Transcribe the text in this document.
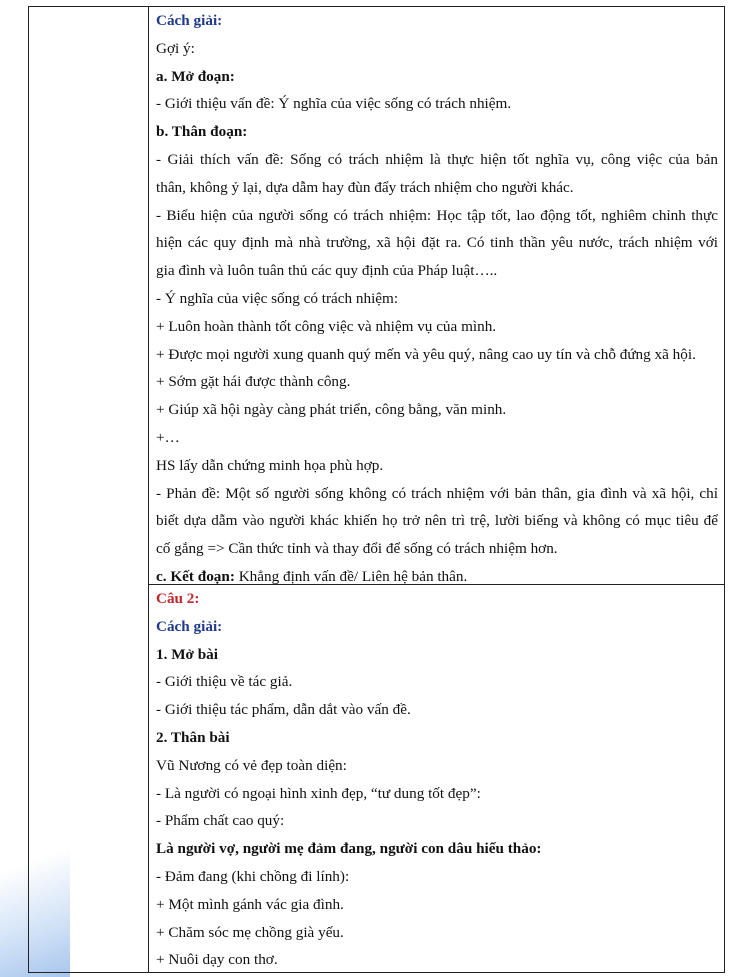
Cách giải:
Gợi ý:
a. Mở đoạn:
- Giới thiệu vấn đề: Ý nghĩa của việc sống có trách nhiệm.
b. Thân đoạn:
- Giải thích vấn đề: Sống có trách nhiệm là thực hiện tốt nghĩa vụ, công việc của bản
thân, không ỷ lại, dựa dẫm hay đùn đẩy trách nhiệm cho người khác.
- Biểu hiện của người sống có trách nhiệm: Học tập tốt, lao động tốt, nghiêm chỉnh thực
hiện các quy định mà nhà trường, xã hội đặt ra. Có tinh thần yêu nước, trách nhiệm với
gia đình và luôn tuân thủ các quy định của Pháp luật…..
- Ý nghĩa của việc sống có trách nhiệm:
+ Luôn hoàn thành tốt công việc và nhiệm vụ của mình.
+ Được mọi người xung quanh quý mến và yêu quý, nâng cao uy tín và chỗ đứng xã hội.
+ Sớm gặt hái được thành công.
+ Giúp xã hội ngày càng phát triển, công bằng, văn minh.
+…
HS lấy dẫn chứng minh họa phù hợp.
- Phản đề: Một số người sống không có trách nhiệm với bản thân, gia đình và xã hội, chỉ
biết dựa dẫm vào người khác khiến họ trở nên trì trệ, lười biếng và không có mục tiêu để
cố gắng => Cần thức tỉnh và thay đổi để sống có trách nhiệm hơn.
c. Kết đoạn: Khẳng định vấn đề/ Liên hệ bản thân.
Câu 2:
Cách giải:
1. Mở bài
- Giới thiệu về tác giả.
- Giới thiệu tác phẩm, dẫn dắt vào vấn đề.
2. Thân bài
Vũ Nương có vẻ đẹp toàn diện:
- Là người có ngoại hình xinh đẹp, “tư dung tốt đẹp”:
- Phẩm chất cao quý:
Là người vợ, người mẹ đảm đang, người con dâu hiếu thảo:
- Đảm đang (khi chồng đi lính):
+ Một mình gánh vác gia đình.
+ Chăm sóc mẹ chồng già yếu.
+ Nuôi dạy con thơ.
